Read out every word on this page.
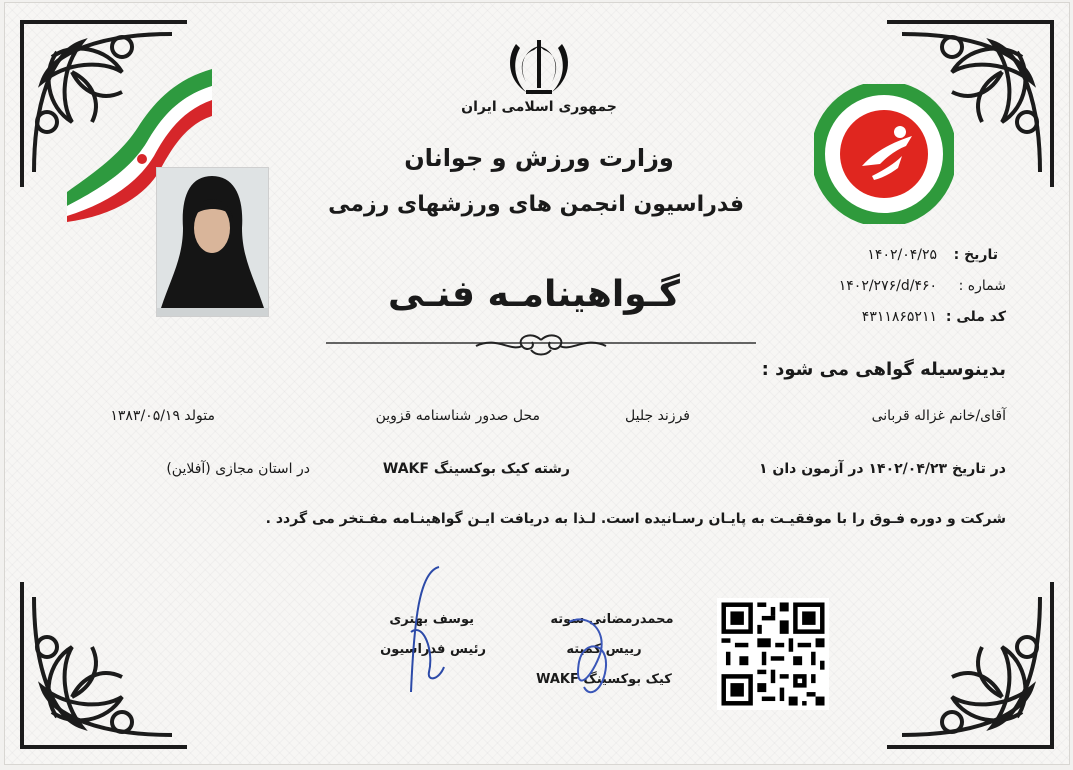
جمهوری اسلامی ایران
وزارت ورزش و جوانان
فدراسیون انجمن های ورزشهای رزمی
تاریخ :
۱۴۰۲/۰۴/۲۵
شماره :
۱۴۰۲/۲۷۶/d/۴۶۰
کد ملی :
۴۳۱۱۸۶۵۲۱۱
گـواهینامـه فنـی
بدینوسیله گواهی می شود :
آقای/خانم غزاله قربانی
فرزند جلیل
محل صدور شناسنامه قزوین
متولد ۱۳۸۳/۰۵/۱۹
در تاریخ ۱۴۰۲/۰۴/۲۳ در آزمون دان ۱
رشته کیک بوکسینگ WAKF
در استان مجازی (آفلاین)
شرکت و دوره فـوق را با موفقیـت به پایـان رسـانیده است. لـذا به دریافت ایـن گواهینـامه مفـتخر می گردد .
یوسف بهتری
رئیس فدراسیون
محمدرمضانی سوته
رییس کمیته
کیک بوکسینگ WAKF
